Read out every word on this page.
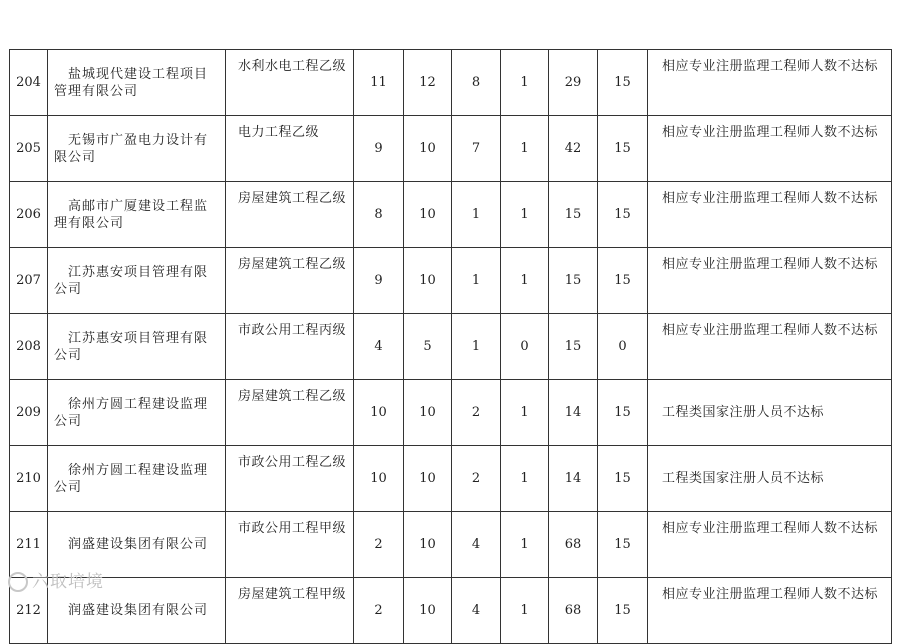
204	盐城现代建设工程项目管理有限公司	水利水电工程乙级	11	12	8	1	29	15	相应专业注册监理工程师人数不达标
205	无锡市广盈电力设计有限公司	电力工程乙级	9	10	7	1	42	15	相应专业注册监理工程师人数不达标
206	高邮市广厦建设工程监理有限公司	房屋建筑工程乙级	8	10	1	1	15	15	相应专业注册监理工程师人数不达标
207	江苏惠安项目管理有限公司	房屋建筑工程乙级	9	10	1	1	15	15	相应专业注册监理工程师人数不达标
208	江苏惠安项目管理有限公司	市政公用工程丙级	4	5	1	0	15	0	相应专业注册监理工程师人数不达标
209	徐州方圆工程建设监理公司	房屋建筑工程乙级	10	10	2	1	14	15	工程类国家注册人员不达标
210	徐州方圆工程建设监理公司	市政公用工程乙级	10	10	2	1	14	15	工程类国家注册人员不达标
211	润盛建设集团有限公司	市政公用工程甲级	2	10	4	1	68	15	相应专业注册监理工程师人数不达标
212	润盛建设集团有限公司	房屋建筑工程甲级	2	10	4	1	68	15	相应专业注册监理工程师人数不达标
六取培境
